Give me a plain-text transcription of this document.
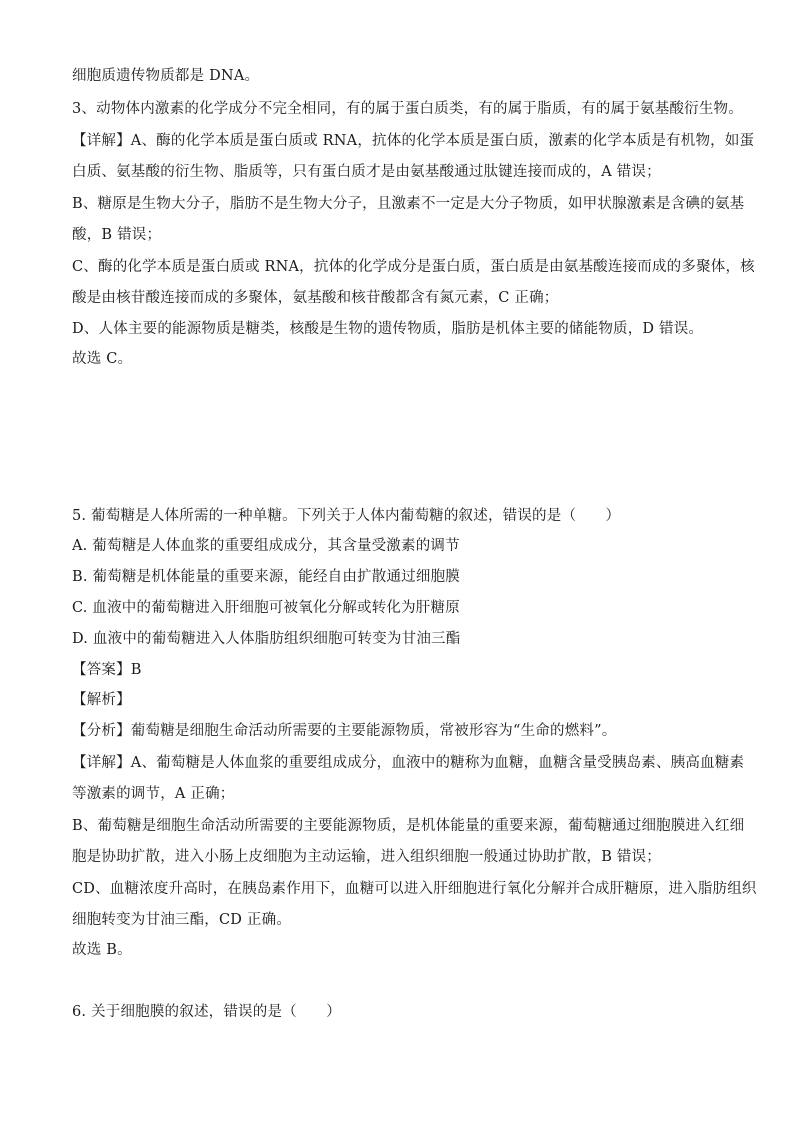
细胞质遗传物质都是 DNA。
3、动物体内激素的化学成分不完全相同，有的属于蛋白质类，有的属于脂质，有的属于氨基酸衍生物。
【详解】A、酶的化学本质是蛋白质或 RNA，抗体的化学本质是蛋白质，激素的化学本质是有机物，如蛋
白质、氨基酸的衍生物、脂质等，只有蛋白质才是由氨基酸通过肽键连接而成的，A 错误；
B、糖原是生物大分子，脂肪不是生物大分子，且激素不一定是大分子物质，如甲状腺激素是含碘的氨基
酸，B 错误；
C、酶的化学本质是蛋白质或 RNA，抗体的化学成分是蛋白质，蛋白质是由氨基酸连接而成的多聚体，核
酸是由核苷酸连接而成的多聚体，氨基酸和核苷酸都含有氮元素，C 正确；
D、人体主要的能源物质是糖类，核酸是生物的遗传物质，脂肪是机体主要的储能物质，D 错误。
故选 C。
5. 葡萄糖是人体所需的一种单糖。下列关于人体内葡萄糖的叙述，错误的是（　　）
A. 葡萄糖是人体血浆的重要组成成分，其含量受激素的调节
B. 葡萄糖是机体能量的重要来源，能经自由扩散通过细胞膜
C. 血液中的葡萄糖进入肝细胞可被氧化分解或转化为肝糖原
D. 血液中的葡萄糖进入人体脂肪组织细胞可转变为甘油三酯
【答案】B
【解析】
【分析】葡萄糖是细胞生命活动所需要的主要能源物质，常被形容为“生命的燃料”。
【详解】A、葡萄糖是人体血浆的重要组成成分，血液中的糖称为血糖，血糖含量受胰岛素、胰高血糖素
等激素的调节，A 正确；
B、葡萄糖是细胞生命活动所需要的主要能源物质，是机体能量的重要来源，葡萄糖通过细胞膜进入红细
胞是协助扩散，进入小肠上皮细胞为主动运输，进入组织细胞一般通过协助扩散，B 错误；
CD、血糖浓度升高时，在胰岛素作用下，血糖可以进入肝细胞进行氧化分解并合成肝糖原，进入脂肪组织
细胞转变为甘油三酯，CD 正确。
故选 B。
6. 关于细胞膜的叙述，错误的是（　　）
